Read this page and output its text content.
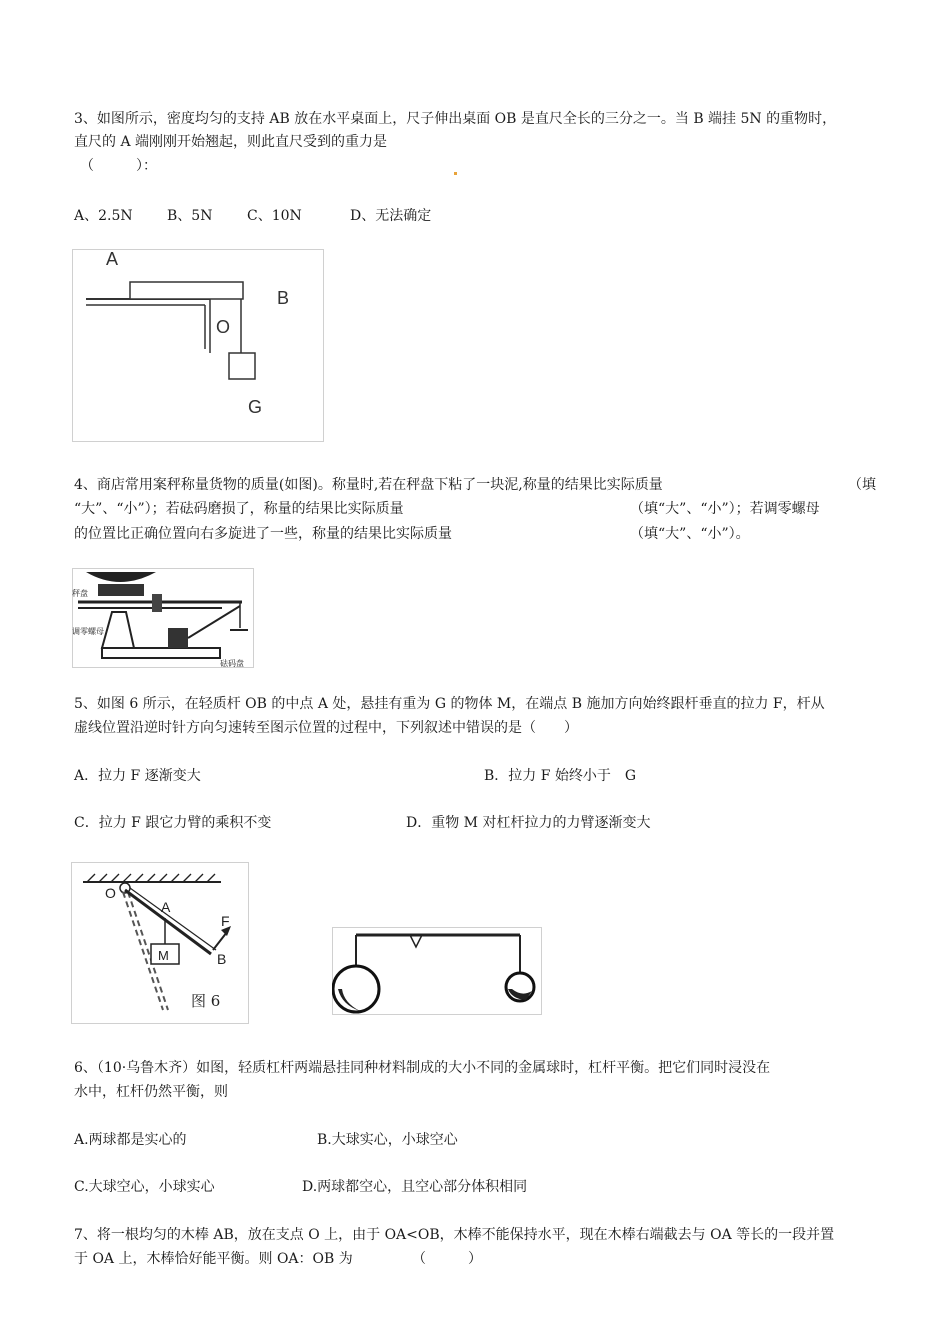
3、如图所示，密度均匀的支持 AB 放在水平桌面上，尺子伸出桌面 OB 是直尺全长的三分之一。当 B 端挂 5N 的重物时，
直尺的 A 端刚刚开始翘起，则此直尺受到的重力是
（　　　）：
A、2.5N B、5N C、10N	D、无法确定
A
B
O
G
4、商店常用案秤称量货物的质量(如图)。称量时,若在秤盘下粘了一块泥,称量的结果比实际质量	（填
“大”、“小”）；若砝码磨损了，称量的结果比实际质量	（填“大”、“小”）；若调零螺母
的位置比正确位置向右多旋进了一些，称量的结果比实际质量	（填“大”、“小”）。
秤盘
调零螺母
砝码盘
5、如图 6 所示，在轻质杆 OB 的中点 A 处，悬挂有重为 G 的物体 M，在端点 B 施加方向始终跟杆垂直的拉力 F，杆从
虚线位置沿逆时针方向匀速转至图示位置的过程中，下列叙述中错误的是（　　）
A．拉力 F 逐渐变大	B．拉力 F 始终小于　G
C．拉力 F 跟它力臂的乘积不变	D．重物 M 对杠杆拉力的力臂逐渐变大
O
A
F
M	B
图 6
6、（10·乌鲁木齐）如图，轻质杠杆两端悬挂同种材料制成的大小不同的金属球时，杠杆平衡。把它们同时浸没在
水中，杠杆仍然平衡，则
A.两球都是实心的	B.大球实心，小球空心
C.大球空心，小球实心	D.两球都空心，且空心部分体积相同
7、将一根均匀的木棒 AB，放在支点 O 上，由于 OA<OB，木棒不能保持水平，现在木棒右端截去与 OA 等长的一段并置
于 OA 上，木棒恰好能平衡。则 OA：OB 为	（　　　）
